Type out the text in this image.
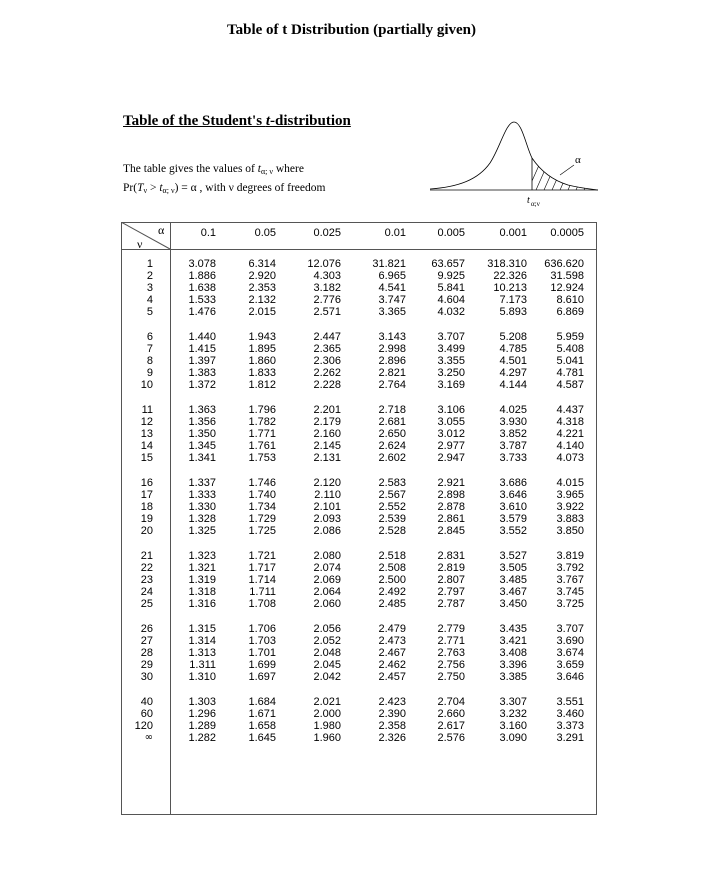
Table of t Distribution (partially given)
Table of the Student's t-distribution
The table gives the values of $t_{\alpha; \nu}$ where
$Pr(T_\nu > t_{\alpha; \nu}) = \alpha$ , with ν degrees of freedom
α
t α;ν
α
ν
0.1	0.05	0.025	0.01	0.005	0.001	0.0005
1	3.078	6.314	12.076	31.821	63.657	318.310	636.620
2	1.886	2.920	4.303	6.965	9.925	22.326	31.598
3	1.638	2.353	3.182	4.541	5.841	10.213	12.924
4	1.533	2.132	2.776	3.747	4.604	7.173	8.610
5	1.476	2.015	2.571	3.365	4.032	5.893	6.869
6	1.440	1.943	2.447	3.143	3.707	5.208	5.959
7	1.415	1.895	2.365	2.998	3.499	4.785	5.408
8	1.397	1.860	2.306	2.896	3.355	4.501	5.041
9	1.383	1.833	2.262	2.821	3.250	4.297	4.781
10	1.372	1.812	2.228	2.764	3.169	4.144	4.587
11	1.363	1.796	2.201	2.718	3.106	4.025	4.437
12	1.356	1.782	2.179	2.681	3.055	3.930	4.318
13	1.350	1.771	2.160	2.650	3.012	3.852	4.221
14	1.345	1.761	2.145	2.624	2.977	3.787	4.140
15	1.341	1.753	2.131	2.602	2.947	3.733	4.073
16	1.337	1.746	2.120	2.583	2.921	3.686	4.015
17	1.333	1.740	2.110	2.567	2.898	3.646	3.965
18	1.330	1.734	2.101	2.552	2.878	3.610	3.922
19	1.328	1.729	2.093	2.539	2.861	3.579	3.883
20	1.325	1.725	2.086	2.528	2.845	3.552	3.850
21	1.323	1.721	2.080	2.518	2.831	3.527	3.819
22	1.321	1.717	2.074	2.508	2.819	3.505	3.792
23	1.319	1.714	2.069	2.500	2.807	3.485	3.767
24	1.318	1.711	2.064	2.492	2.797	3.467	3.745
25	1.316	1.708	2.060	2.485	2.787	3.450	3.725
26	1.315	1.706	2.056	2.479	2.779	3.435	3.707
27	1.314	1.703	2.052	2.473	2.771	3.421	3.690
28	1.313	1.701	2.048	2.467	2.763	3.408	3.674
29	1.311	1.699	2.045	2.462	2.756	3.396	3.659
30	1.310	1.697	2.042	2.457	2.750	3.385	3.646
40	1.303	1.684	2.021	2.423	2.704	3.307	3.551
60	1.296	1.671	2.000	2.390	2.660	3.232	3.460
120	1.289	1.658	1.980	2.358	2.617	3.160	3.373
∞	1.282	1.645	1.960	2.326	2.576	3.090	3.291
